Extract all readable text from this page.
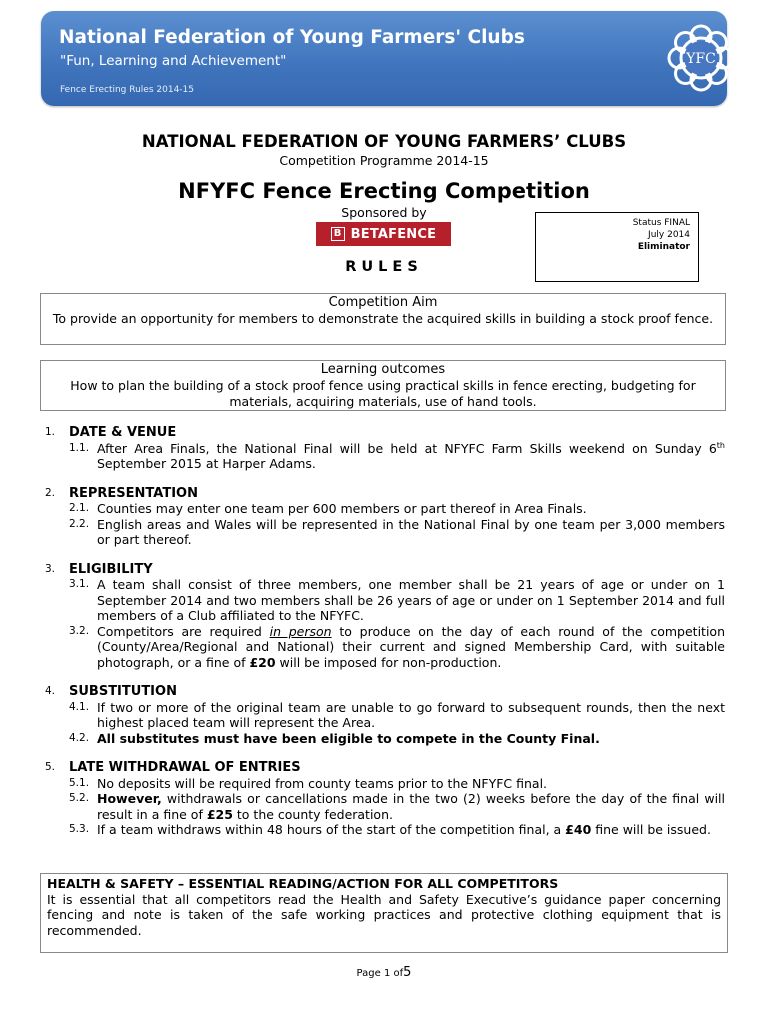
National Federation of Young Farmers' Clubs
"Fun, Learning and Achievement"
Fence Erecting Rules 2014-15
YFC
NATIONAL FEDERATION OF YOUNG FARMERS’ CLUBS
Competition Programme 2014-15
NFYFC Fence Erecting Competition
Sponsored by
B BETAFENCE
RULES
Status FINAL
July 2014
Eliminator
Competition Aim
To provide an opportunity for members to demonstrate the acquired skills in building a stock proof fence.
Learning outcomes
How to plan the building of a stock proof fence using practical skills in fence erecting, budgeting for materials, acquiring materials, use of hand tools.
1.	DATE & VENUE
1.1. After Area Finals, the National Final will be held at NFYFC Farm Skills weekend on Sunday 6th September 2015 at Harper Adams.
2.	REPRESENTATION
2.1. Counties may enter one team per 600 members or part thereof in Area Finals.
2.2. English areas and Wales will be represented in the National Final by one team per 3,000 members or part thereof.
3.	ELIGIBILITY
3.1. A team shall consist of three members, one member shall be 21 years of age or under on 1 September 2014 and two members shall be 26 years of age or under on 1 September 2014 and full members of a Club affiliated to the NFYFC.
3.2. Competitors are required in person to produce on the day of each round of the competition (County/Area/Regional and National) their current and signed Membership Card, with suitable photograph, or a fine of £20 will be imposed for non-production.
4.	SUBSTITUTION
4.1. If two or more of the original team are unable to go forward to subsequent rounds, then the next highest placed team will represent the Area.
4.2. All substitutes must have been eligible to compete in the County Final.
5.	LATE WITHDRAWAL OF ENTRIES
5.1. No deposits will be required from county teams prior to the NFYFC final.
5.2. However, withdrawals or cancellations made in the two (2) weeks before the day of the final will result in a fine of £25 to the county federation.
5.3. If a team withdraws within 48 hours of the start of the competition final, a £40 fine will be issued.
HEALTH & SAFETY – ESSENTIAL READING/ACTION FOR ALL COMPETITORS
It is essential that all competitors read the Health and Safety Executive’s guidance paper concerning fencing and note is taken of the safe working practices and protective clothing equipment that is recommended.
Page 1 of5
